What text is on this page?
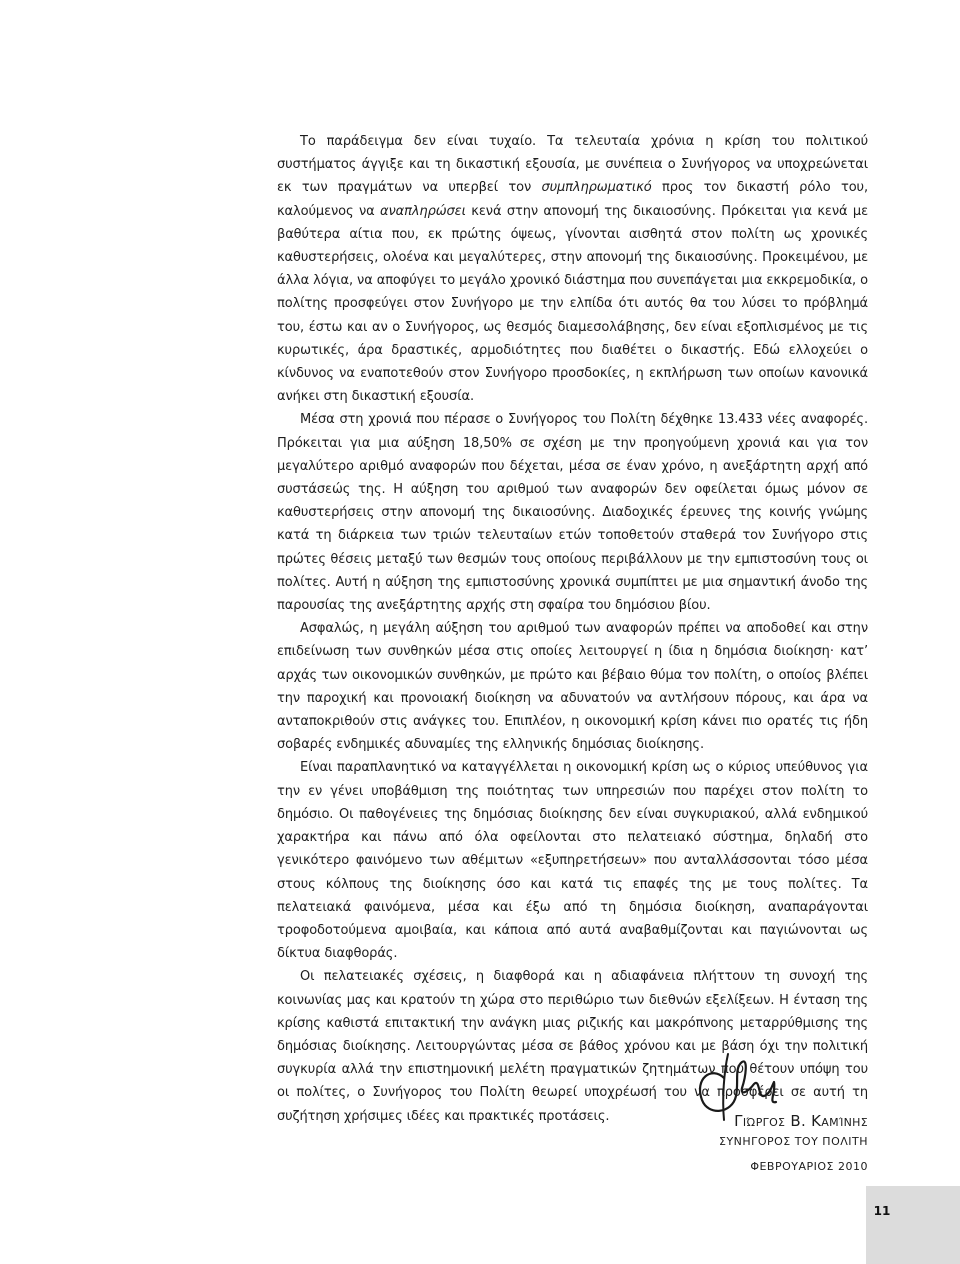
Το παράδειγμα δεν είναι τυχαίο. Τα τελευταία χρόνια η κρίση του πολιτικού συστήματος άγγιξε και τη δικαστική εξουσία, με συνέπεια ο Συνήγορος να υποχρεώνεται εκ των πραγμάτων να υπερβεί τον συμπληρωματικό προς τον δικαστή ρόλο του, καλούμενος να αναπληρώσει κενά στην απονομή της δικαιοσύνης. Πρόκειται για κενά με βαθύτερα αίτια που, εκ πρώτης όψεως, γίνονται αισθητά στον πολίτη ως χρονικές καθυστερήσεις, ολοένα και μεγαλύτερες, στην απονομή της δικαιοσύνης. Προκειμένου, με άλλα λόγια, να αποφύγει το μεγάλο χρονικό διάστημα που συνεπάγεται μια εκκρεμοδικία, ο πολίτης προσφεύγει στον Συνήγορο με την ελπίδα ότι αυτός θα του λύσει το πρόβλημά του, έστω και αν ο Συνήγορος, ως θεσμός διαμεσολάβησης, δεν είναι εξοπλισμένος με τις κυρωτικές, άρα δραστικές, αρμοδιότητες που διαθέτει ο δικαστής. Εδώ ελλοχεύει ο κίνδυνος να εναποτεθούν στον Συνήγορο προσδοκίες, η εκπλήρωση των οποίων κανονικά ανήκει στη δικαστική εξουσία.

Μέσα στη χρονιά που πέρασε ο Συνήγορος του Πολίτη δέχθηκε 13.433 νέες αναφορές. Πρόκειται για μια αύξηση 18,50% σε σχέση με την προηγούμενη χρονιά και για τον μεγαλύτερο αριθμό αναφορών που δέχεται, μέσα σε έναν χρόνο, η ανεξάρτητη αρχή από συστάσεώς της. Η αύξηση του αριθμού των αναφορών δεν οφείλεται όμως μόνον σε καθυστερήσεις στην απονομή της δικαιοσύνης. Διαδοχικές έρευνες της κοινής γνώμης κατά τη διάρκεια των τριών τελευταίων ετών τοποθετούν σταθερά τον Συνήγορο στις πρώτες θέσεις μεταξύ των θεσμών τους οποίους περιβάλλουν με την εμπιστοσύνη τους οι πολίτες. Αυτή η αύξηση της εμπιστοσύνης χρονικά συμπίπτει με μια σημαντική άνοδο της παρουσίας της ανεξάρτητης αρχής στη σφαίρα του δημόσιου βίου.

Ασφαλώς, η μεγάλη αύξηση του αριθμού των αναφορών πρέπει να αποδοθεί και στην επιδείνωση των συνθηκών μέσα στις οποίες λειτουργεί η ίδια η δημόσια διοίκηση· κατ’ αρχάς των οικονομικών συνθηκών, με πρώτο και βέβαιο θύμα τον πολίτη, ο οποίος βλέπει την παροχική και προνοιακή διοίκηση να αδυνατούν να αντλήσουν πόρους, και άρα να ανταποκριθούν στις ανάγκες του. Επιπλέον, η οικονομική κρίση κάνει πιο ορατές τις ήδη σοβαρές ενδημικές αδυναμίες της ελληνικής δημόσιας διοίκησης.

Είναι παραπλανητικό να καταγγέλλεται η οικονομική κρίση ως ο κύριος υπεύθυνος για την εν γένει υποβάθμιση της ποιότητας των υπηρεσιών που παρέχει στον πολίτη το δημόσιο. Οι παθογένειες της δημόσιας διοίκησης δεν είναι συγκυριακού, αλλά ενδημικού χαρακτήρα και πάνω από όλα οφείλονται στο πελατειακό σύστημα, δηλαδή στο γενικότερο φαινόμενο των αθέμιτων «εξυπηρετήσεων» που ανταλλάσσονται τόσο μέσα στους κόλπους της διοίκησης όσο και κατά τις επαφές της με τους πολίτες. Τα πελατειακά φαινόμενα, μέσα και έξω από τη δημόσια διοίκηση, αναπαράγονται τροφοδοτούμενα αμοιβαία, και κάποια από αυτά αναβαθμίζονται και παγιώνονται ως δίκτυα διαφθοράς.

Οι πελατειακές σχέσεις, η διαφθορά και η αδιαφάνεια πλήττουν τη συνοχή της κοινωνίας μας και κρατούν τη χώρα στο περιθώριο των διεθνών εξελίξεων. Η ένταση της κρίσης καθιστά επιτακτική την ανάγκη μιας ριζικής και μακρόπνοης μεταρρύθμισης της δημόσιας διοίκησης. Λειτουργώντας μέσα σε βάθος χρόνου και με βάση όχι την πολιτική συγκυρία αλλά την επιστημονική μελέτη πραγματικών ζητημάτων που θέτουν υπόψη του οι πολίτες, ο Συνήγορος του Πολίτη θεωρεί υποχρέωσή του να προσφέρει σε αυτή τη συζήτηση χρήσιμες ιδέες και πρακτικές προτάσεις.	Γιώργος Β. Καμίνης
ΣΥΝΗΓΟΡΟΣ ΤΟΥ ΠΟΛΙΤΗ
ΦΕΒΡΟΥΑΡΙΟΣ 2010
11
